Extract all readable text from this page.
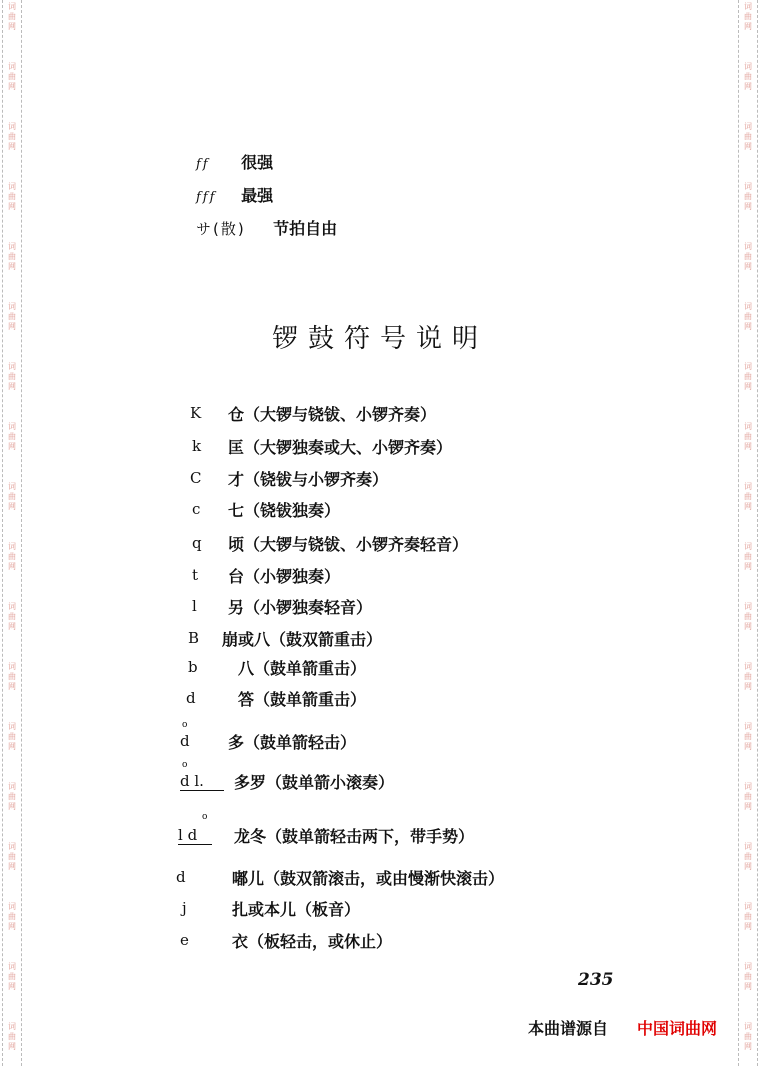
词
曲
网
词
曲
网
词
曲
网
词
曲
网
词
曲
网
词
曲
网
词
曲
网
词
曲
网
词
曲
网
词
曲
网
词
曲
网
词
曲
网
词
曲
网
词
曲
网
词
曲
网
词
曲
网
词
曲
网
词
曲
网
词
曲
网
词
曲
网
词
曲
网
词
曲
网
词
曲
网
词
曲
网
词
曲
网
词
曲
网
词
曲
网
词
曲
网
词
曲
网
词
曲
网
词
曲
网
词
曲
网
词
曲
网
词
曲
网
词
曲
网
词
曲
网
ff 很强
fff 最强
サ(散) 节拍自由
锣鼓符号说明
K	仓（大锣与铙钹、小锣齐奏）
k	匡（大锣独奏或大、小锣齐奏）
C	才（铙钹与小锣齐奏）
c	七（铙钹独奏）
q	顷（大锣与铙钹、小锣齐奏轻音）
t	台（小锣独奏）
l	另（小锣独奏轻音）
B	崩或八（鼓双箭重击）
b	八（鼓单箭重击）
d	答（鼓单箭重击）
o
d	多（鼓单箭轻击）
o
d l.	多罗（鼓单箭小滚奏）
o
l d	龙冬（鼓单箭轻击两下，带手势）
d	嘟儿（鼓双箭滚击，或由慢渐快滚击）
j	扎或本儿（板音）
e	衣（板轻击，或休止）
235
本曲谱源自 中国词曲网
